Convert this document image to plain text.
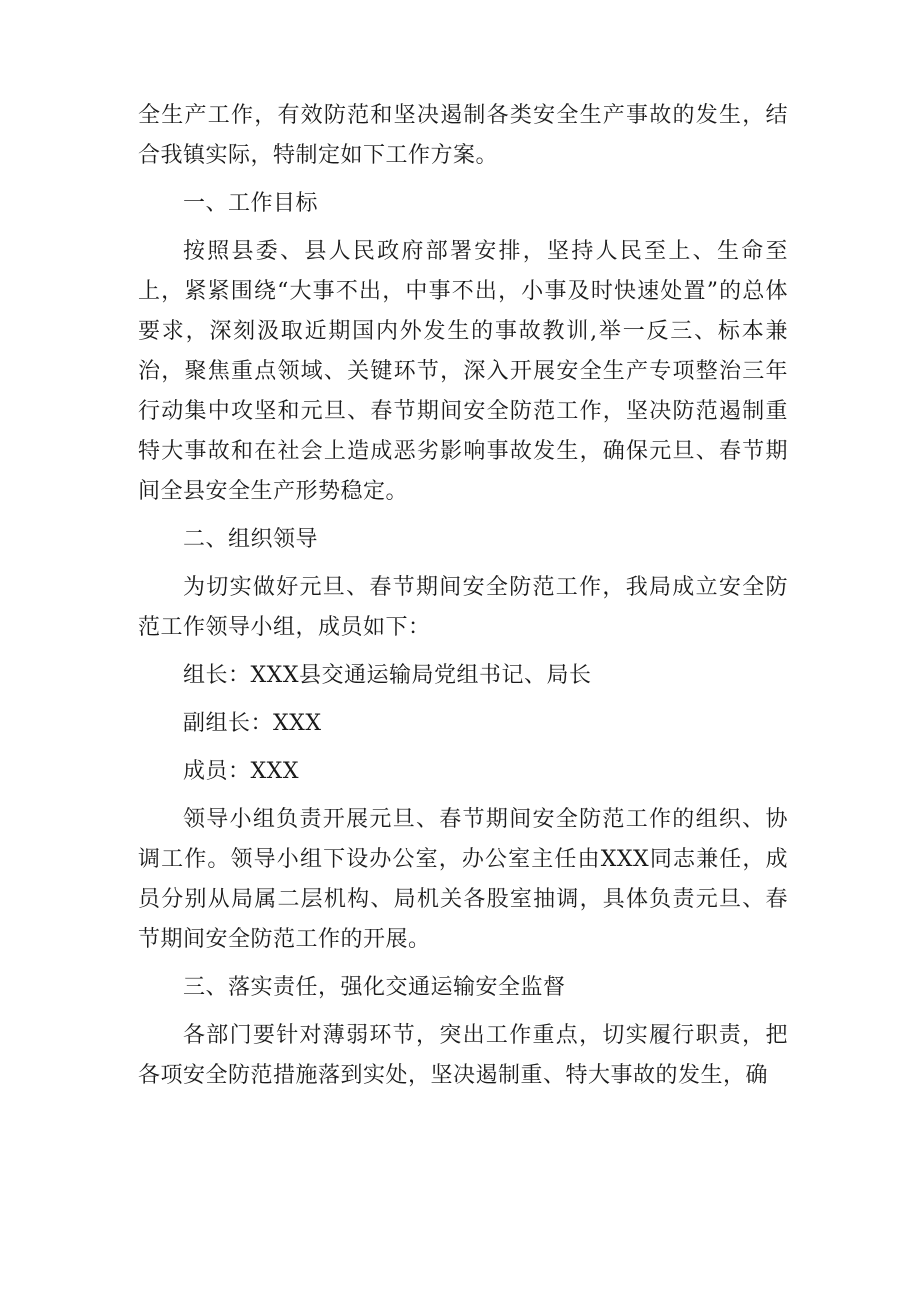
全生产工作，有效防范和坚决遏制各类安全生产事故的发生，结合我镇实际，特制定如下工作方案。

一、工作目标

按照县委、县人民政府部署安排，坚持人民至上、生命至上，紧紧围绕“大事不出，中事不出，小事及时快速处置”的总体要求，深刻汲取近期国内外发生的事故教训,举一反三、标本兼治，聚焦重点领域、关键环节，深入开展安全生产专项整治三年行动集中攻坚和元旦、春节期间安全防范工作，坚决防范遏制重特大事故和在社会上造成恶劣影响事故发生，确保元旦、春节期间全县安全生产形势稳定。

二、组织领导

为切实做好元旦、春节期间安全防范工作，我局成立安全防范工作领导小组，成员如下：

组长：XXX县交通运输局党组书记、局长

副组长：XXX

成员：XXX

领导小组负责开展元旦、春节期间安全防范工作的组织、协调工作。领导小组下设办公室，办公室主任由XXX同志兼任，成员分别从局属二层机构、局机关各股室抽调，具体负责元旦、春节期间安全防范工作的开展。

三、落实责任，强化交通运输安全监督

各部门要针对薄弱环节，突出工作重点，切实履行职责，把各项安全防范措施落到实处，坚决遏制重、特大事故的发生，确
